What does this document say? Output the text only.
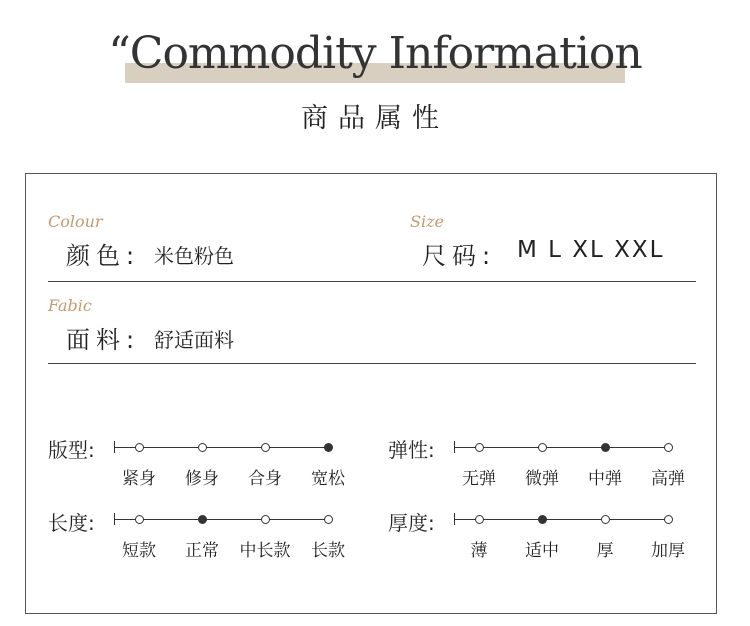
“Commodity Information
商品属性
Colour
颜色: 米色粉色
Size
尺码: M L XL XXL
Fabic
面料: 舒适面料
版型:	弹性:
长度:	厚度:
紧身	修身	合身	宽松	无弹	微弹	中弹	高弹
短款	正常	中长款	长款	薄	适中	厚	加厚
